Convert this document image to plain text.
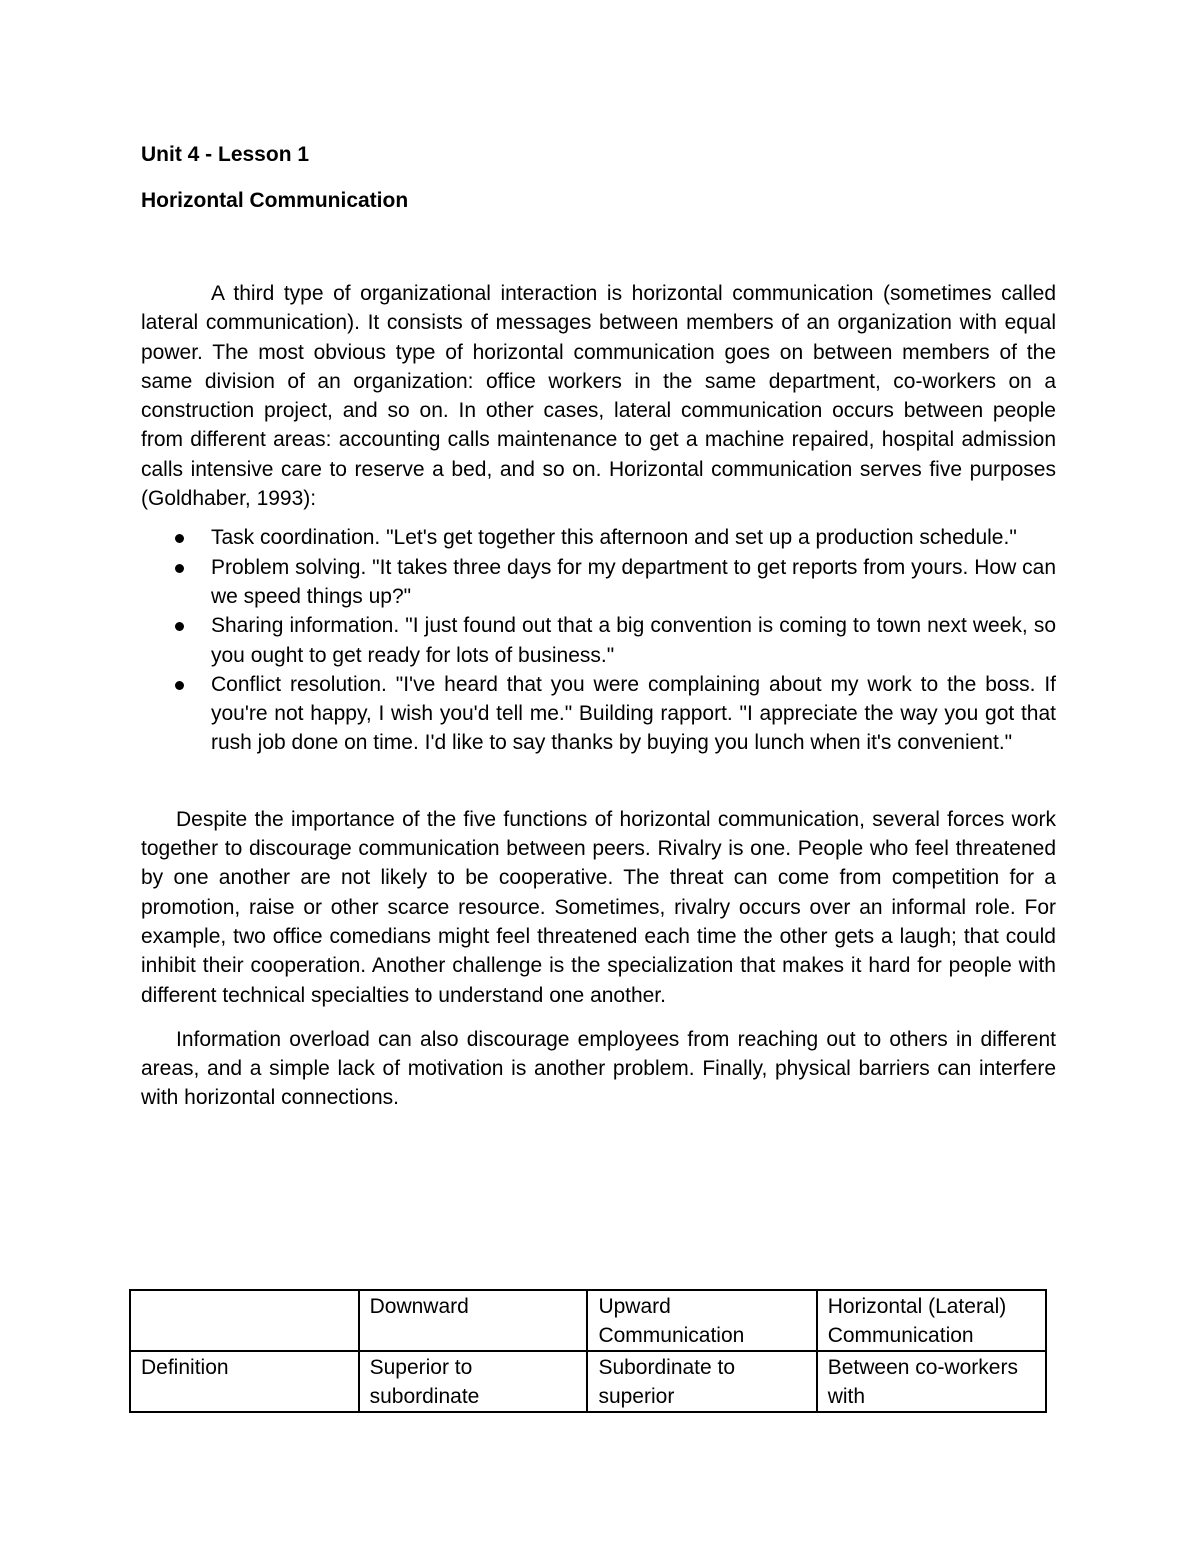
Unit 4 - Lesson 1
Horizontal Communication

A third type of organizational interaction is horizontal communication (sometimes called lateral communication). It consists of messages between members of an organization with equal power. The most obvious type of horizontal communication goes on between members of the same division of an organization: office workers in the same department, co-workers on a construction project, and so on. In other cases, lateral communication occurs between people from different areas: accounting calls maintenance to get a machine repaired, hospital admission calls intensive care to reserve a bed, and so on. Horizontal communication serves five purposes (Goldhaber, 1993):

Task coordination. "Let's get together this afternoon and set up a production schedule."
Problem solving. "It takes three days for my department to get reports from yours. How can we speed things up?"
Sharing information. "I just found out that a big convention is coming to town next week, so you ought to get ready for lots of business."
Conflict resolution. "I've heard that you were complaining about my work to the boss. If you're not happy, I wish you'd tell me." Building rapport. "I appreciate the way you got that rush job done on time. I'd like to say thanks by buying you lunch when it's convenient."

Despite the importance of the five functions of horizontal communication, several forces work together to discourage communication between peers. Rivalry is one. People who feel threatened by one another are not likely to be cooperative. The threat can come from competition for a promotion, raise or other scarce resource. Sometimes, rivalry occurs over an informal role. For example, two office comedians might feel threatened each time the other gets a laugh; that could inhibit their cooperation. Another challenge is the specialization that makes it hard for people with different technical specialties to understand one another.

Information overload can also discourage employees from reaching out to others in different areas, and a simple lack of motivation is another problem. Finally, physical barriers can interfere with horizontal connections.

	Downward	Upward Communication	Horizontal (Lateral) Communication
Definition	Superior to subordinate	Subordinate to superior	Between co-workers with
